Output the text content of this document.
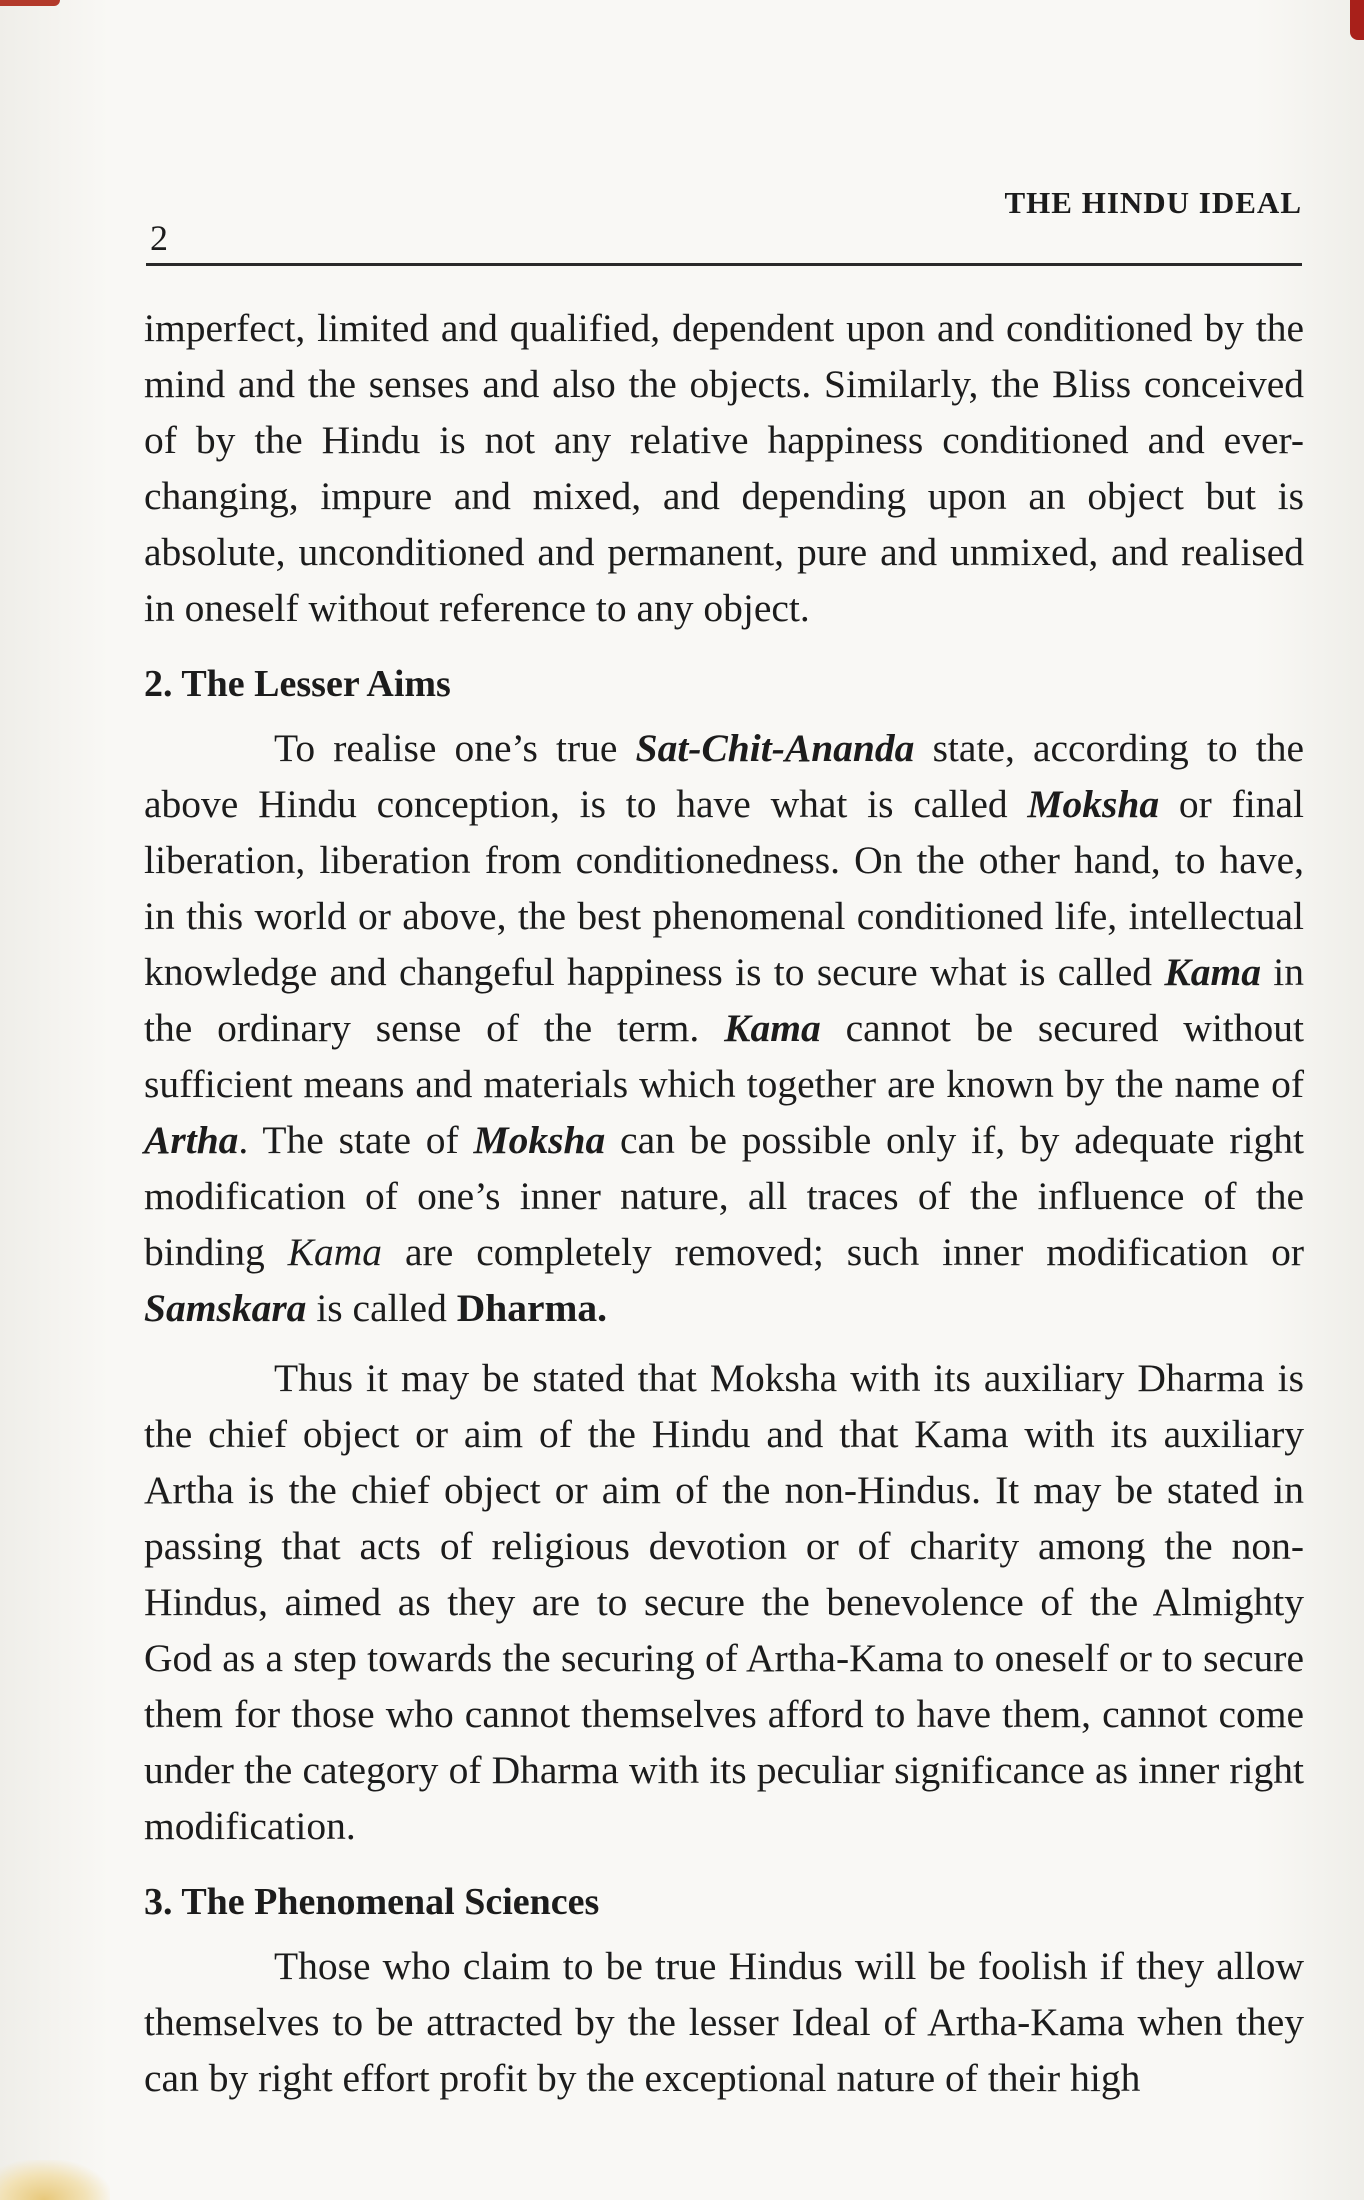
2
THE HINDU IDEAL

imperfect, limited and qualified, dependent upon and conditioned by the mind and the senses and also the objects. Similarly, the Bliss conceived of by the Hindu is not any relative happiness conditioned and ever-changing, impure and mixed, and depending upon an object but is absolute, unconditioned and permanent, pure and unmixed, and realised in oneself without reference to any object.

2. The Lesser Aims

To realise one’s true Sat-Chit-Ananda state, according to the above Hindu conception, is to have what is called Moksha or final liberation, liberation from conditionedness. On the other hand, to have, in this world or above, the best phenomenal conditioned life, intellectual knowledge and changeful happiness is to secure what is called Kama in the ordinary sense of the term. Kama cannot be secured without sufficient means and materials which together are known by the name of Artha. The state of Moksha can be possible only if, by adequate right modification of one’s inner nature, all traces of the influence of the binding Kama are completely removed; such inner modification or Samskara is called Dharma.

Thus it may be stated that Moksha with its auxiliary Dharma is the chief object or aim of the Hindu and that Kama with its auxiliary Artha is the chief object or aim of the non-Hindus. It may be stated in passing that acts of religious devotion or of charity among the non-Hindus, aimed as they are to secure the benevolence of the Almighty God as a step towards the securing of Artha-Kama to oneself or to secure them for those who cannot themselves afford to have them, cannot come under the category of Dharma with its peculiar significance as inner right modification.

3. The Phenomenal Sciences

Those who claim to be true Hindus will be foolish if they allow themselves to be attracted by the lesser Ideal of Artha-Kama when they can by right effort profit by the exceptional nature of their high
